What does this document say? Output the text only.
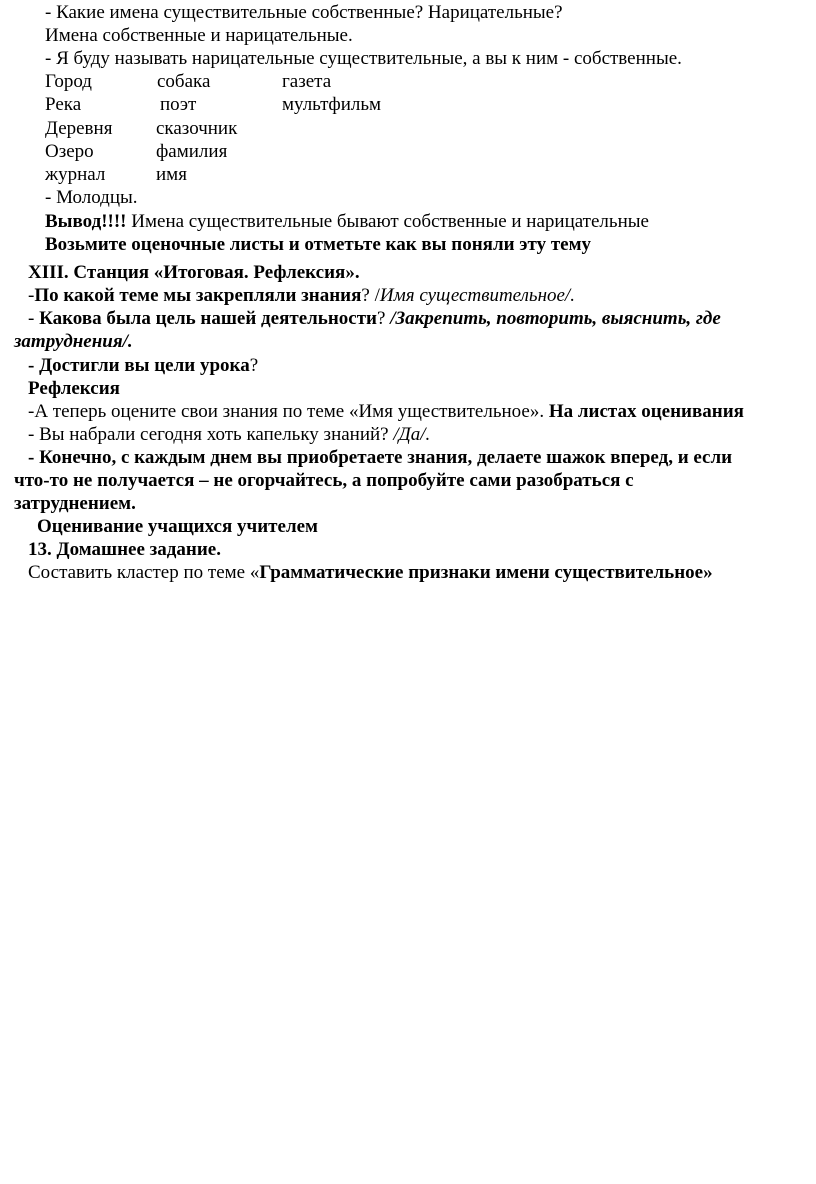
- Какие имена существительные собственные? Нарицательные?
Имена собственные и нарицательные.
- Я буду называть нарицательные существительные, а вы к ним - собственные.
Город	собака	газета
Река	поэт	мультфильм
Деревня сказочник
Озеро	фамилия
журнал	имя
- Молодцы.
Вывод!!!! Имена существительные бывают собственные и нарицательные
Возьмите оценочные листы и отметьте как вы поняли эту тему
XIII. Станция «Итоговая. Рефлексия».
-По какой теме мы закрепляли знания? /Имя существительное/.
- Какова была цель нашей деятельности? /Закрепить, повторить, выяснить, где
затруднения/.
- Достигли вы цели урока?
Рефлексия
-А теперь оцените свои знания по теме «Имя уществительное». На листах оценивания
- Вы набрали сегодня хоть капельку знаний? /Да/.
- Конечно, с каждым днем вы приобретаете знания, делаете шажок вперед, и если
что-то не получается – не огорчайтесь, а попробуйте сами разобраться с
затруднением.
Оценивание учащихся учителем
13. Домашнее задание.
Составить кластер по теме «Грамматические признаки имени существительное»
